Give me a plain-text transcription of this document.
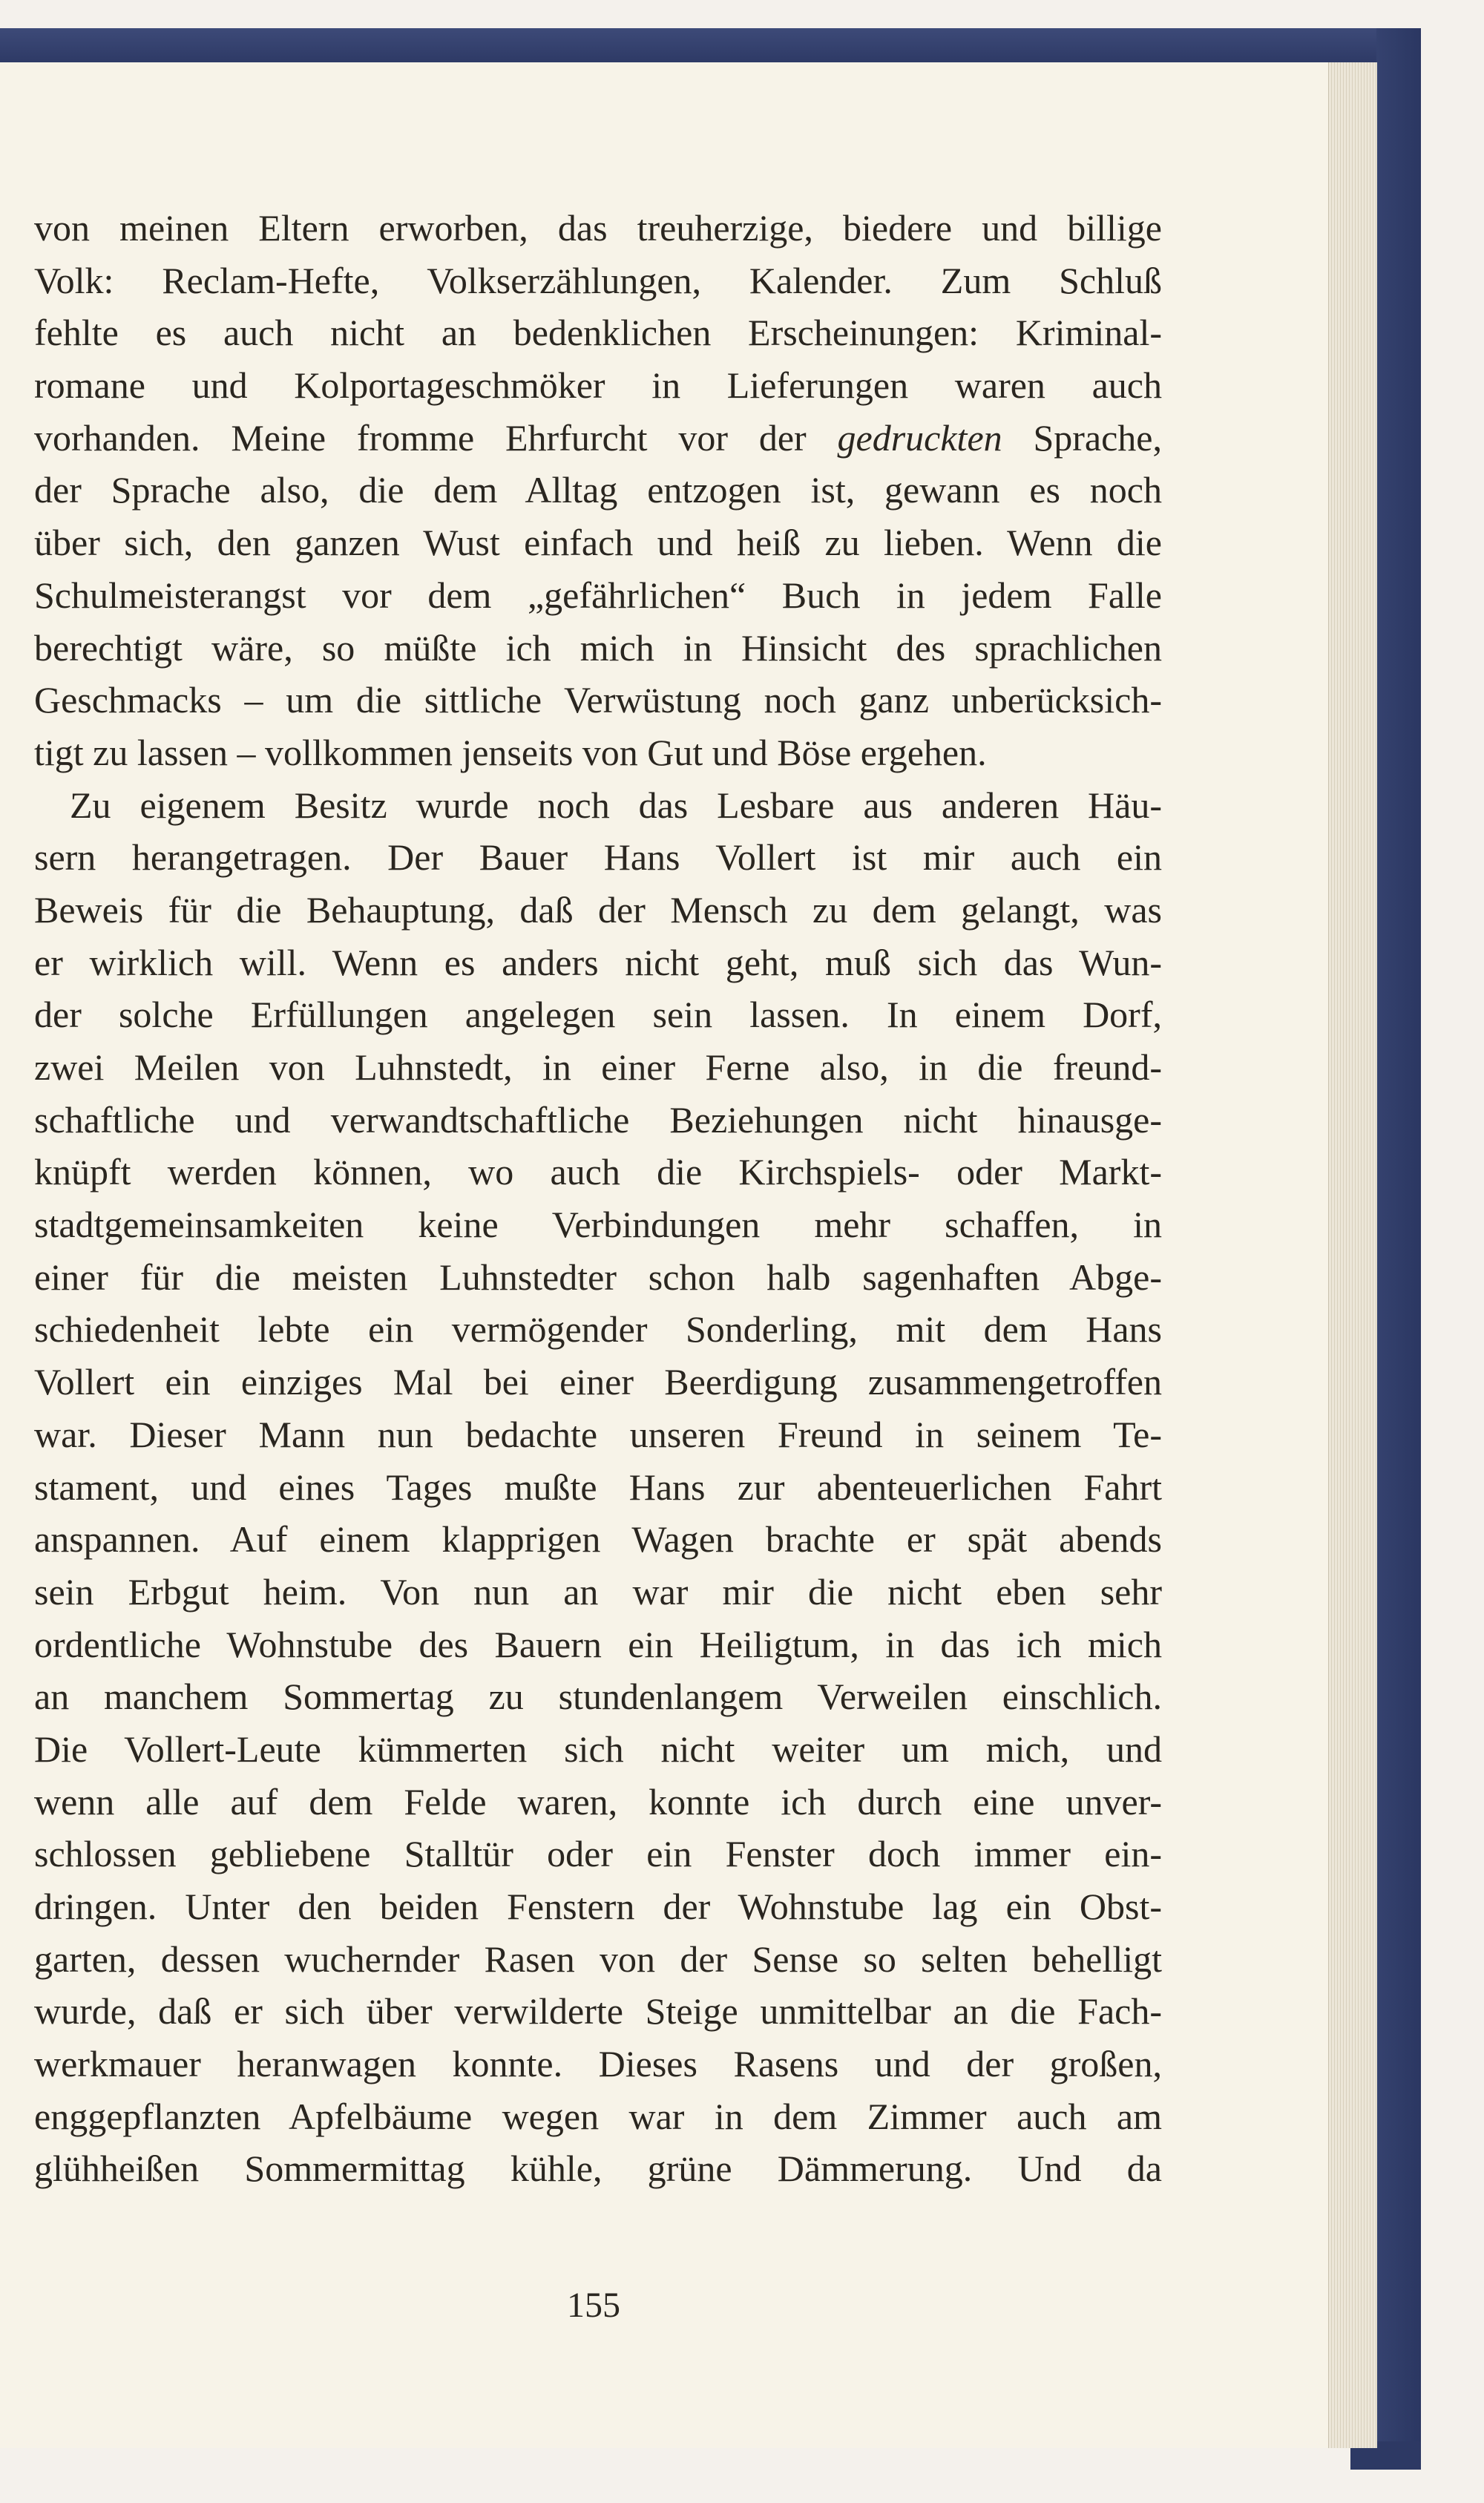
von meinen Eltern erworben, das treuherzige, biedere und billige
Volk: Reclam-Hefte, Volkserzählungen, Kalender. Zum Schluß
fehlte es auch nicht an bedenklichen Erscheinungen: Kriminal-
romane und Kolportageschmöker in Lieferungen waren auch
vorhanden. Meine fromme Ehrfurcht vor der gedruckten Sprache,
der Sprache also, die dem Alltag entzogen ist, gewann es noch
über sich, den ganzen Wust einfach und heiß zu lieben. Wenn die
Schulmeisterangst vor dem „gefährlichen“ Buch in jedem Falle
berechtigt wäre, so müßte ich mich in Hinsicht des sprachlichen
Geschmacks – um die sittliche Verwüstung noch ganz unberücksich-
tigt zu lassen – vollkommen jenseits von Gut und Böse ergehen.
Zu eigenem Besitz wurde noch das Lesbare aus anderen Häu-
sern herangetragen. Der Bauer Hans Vollert ist mir auch ein
Beweis für die Behauptung, daß der Mensch zu dem gelangt, was
er wirklich will. Wenn es anders nicht geht, muß sich das Wun-
der solche Erfüllungen angelegen sein lassen. In einem Dorf,
zwei Meilen von Luhnstedt, in einer Ferne also, in die freund-
schaftliche und verwandtschaftliche Beziehungen nicht hinausge-
knüpft werden können, wo auch die Kirchspiels- oder Markt-
stadtgemeinsamkeiten keine Verbindungen mehr schaffen, in
einer für die meisten Luhnstedter schon halb sagenhaften Abge-
schiedenheit lebte ein vermögender Sonderling, mit dem Hans
Vollert ein einziges Mal bei einer Beerdigung zusammengetroffen
war. Dieser Mann nun bedachte unseren Freund in seinem Te-
stament, und eines Tages mußte Hans zur abenteuerlichen Fahrt
anspannen. Auf einem klapprigen Wagen brachte er spät abends
sein Erbgut heim. Von nun an war mir die nicht eben sehr
ordentliche Wohnstube des Bauern ein Heiligtum, in das ich mich
an manchem Sommertag zu stundenlangem Verweilen einschlich.
Die Vollert-Leute kümmerten sich nicht weiter um mich, und
wenn alle auf dem Felde waren, konnte ich durch eine unver-
schlossen gebliebene Stalltür oder ein Fenster doch immer ein-
dringen. Unter den beiden Fenstern der Wohnstube lag ein Obst-
garten, dessen wuchernder Rasen von der Sense so selten behelligt
wurde, daß er sich über verwilderte Steige unmittelbar an die Fach-
werkmauer heranwagen konnte. Dieses Rasens und der großen,
enggepflanzten Apfelbäume wegen war in dem Zimmer auch am
glühheißen Sommermittag kühle, grüne Dämmerung. Und da
155
